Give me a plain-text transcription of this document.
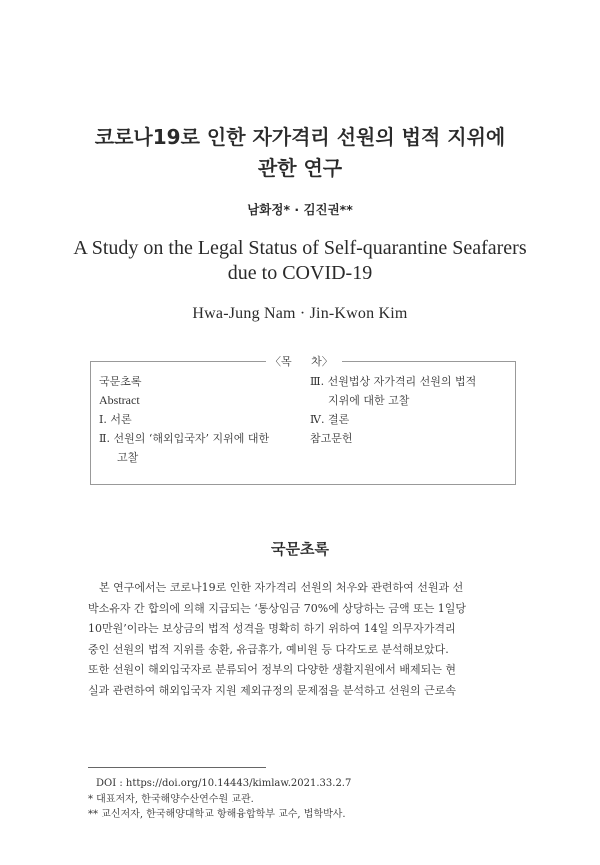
코로나19로 인한 자가격리 선원의 법적 지위에
관한 연구
남화정* · 김진권**
A Study on the Legal Status of Self-quarantine Seafarers
due to COVID-19
Hwa-Jung Nam · Jin-Kwon Kim
〈목 차〉
국문초록
Abstract
Ⅰ. 서론
Ⅱ. 선원의 ‘해외입국자’ 지위에 대한
고찰
Ⅲ. 선원법상 자가격리 선원의 법적
지위에 대한 고찰
Ⅳ. 결론
참고문헌
국문초록
본 연구에서는 코로나19로 인한 자가격리 선원의 처우와 관련하여 선원과 선
박소유자 간 합의에 의해 지급되는 ‘통상임금 70%에 상당하는 금액 또는 1일당
10만원’이라는 보상금의 법적 성격을 명확히 하기 위하여 14일 의무자가격리
중인 선원의 법적 지위를 송환, 유급휴가, 예비원 등 다각도로 분석해보았다.
또한 선원이 해외입국자로 분류되어 정부의 다양한 생활지원에서 배제되는 현
실과 관련하여 해외입국자 지원 제외규정의 문제점을 분석하고 선원의 근로속
DOI : https://doi.org/10.14443/kimlaw.2021.33.2.7
* 대표저자, 한국해양수산연수원 교관.
** 교신저자, 한국해양대학교 항해융합학부 교수, 법학박사.
